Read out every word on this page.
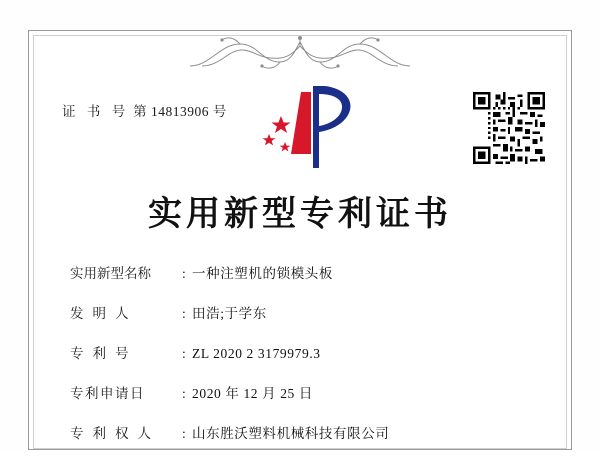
证 书 号 第 14813906 号
实用新型专利证书
实用新型名称	: 一种注塑机的锁模头板
发明人	: 田浩;于学东
专利号	: ZL 2020 2 3179979.3
专利申请日	: 2020 年 12 月 25 日
专利权人	: 山东胜沃塑料机械科技有限公司
